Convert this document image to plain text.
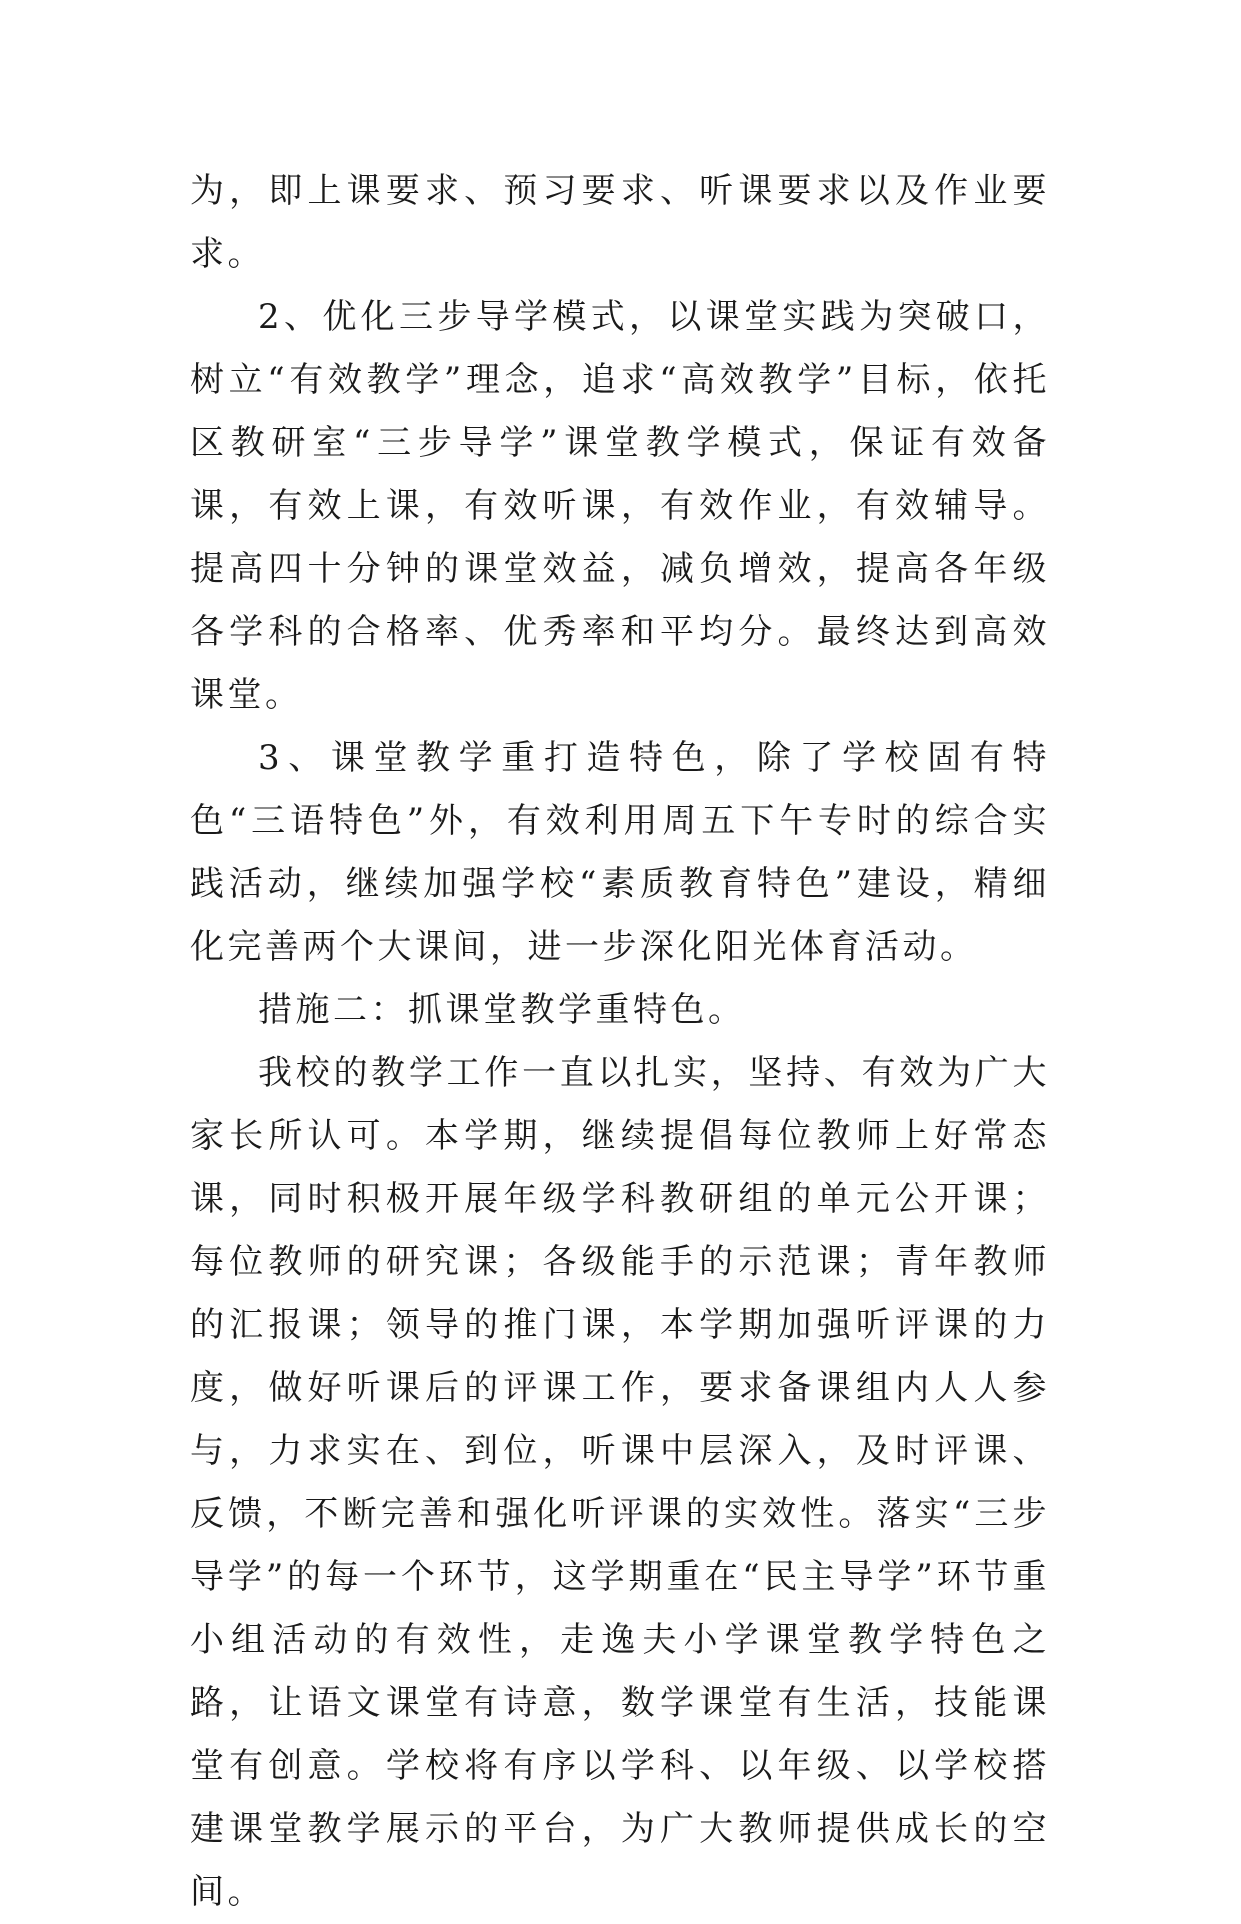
为，即上课要求、预习要求、听课要求以及作业要求。

2、优化三步导学模式，以课堂实践为突破口，树立“有效教学”理念，追求“高效教学”目标，依托区教研室“三步导学”课堂教学模式，保证有效备课，有效上课，有效听课，有效作业，有效辅导。提高四十分钟的课堂效益，减负增效，提高各年级各学科的合格率、优秀率和平均分。最终达到高效课堂。

3、课堂教学重打造特色，除了学校固有特色“三语特色”外，有效利用周五下午专时的综合实践活动，继续加强学校“素质教育特色”建设，精细化完善两个大课间，进一步深化阳光体育活动。

措施二：抓课堂教学重特色。

我校的教学工作一直以扎实，坚持、有效为广大家长所认可。本学期，继续提倡每位教师上好常态课，同时积极开展年级学科教研组的单元公开课；每位教师的研究课；各级能手的示范课；青年教师的汇报课；领导的推门课，本学期加强听评课的力度，做好听课后的评课工作，要求备课组内人人参与，力求实在、到位，听课中层深入，及时评课、反馈，不断完善和强化听评课的实效性。落实“三步导学”的每一个环节，这学期重在“民主导学”环节重小组活动的有效性，走逸夫小学课堂教学特色之路，让语文课堂有诗意，数学课堂有生活，技能课堂有创意。学校将有序以学科、以年级、以学校搭建课堂教学展示的平台，为广大教师提供成长的空间。
